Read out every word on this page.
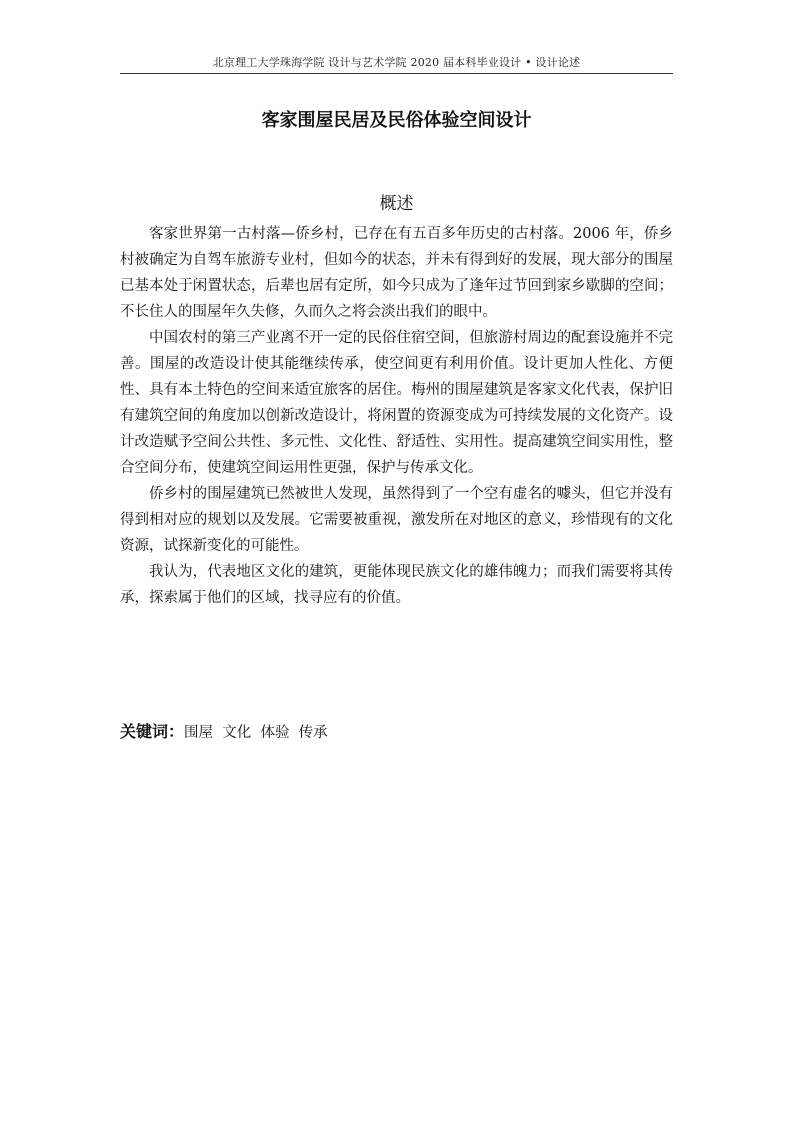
北京理工大学珠海学院 设计与艺术学院 2020 届本科毕业设计 • 设计论述
客家围屋民居及民俗体验空间设计
概述

客家世界第一古村落—侨乡村，已存在有五百多年历史的古村落。2006 年，侨乡村被确定为自驾车旅游专业村，但如今的状态，并未有得到好的发展，现大部分的围屋已基本处于闲置状态，后辈也居有定所，如今只成为了逢年过节回到家乡歇脚的空间；不长住人的围屋年久失修，久而久之将会淡出我们的眼中。

中国农村的第三产业离不开一定的民俗住宿空间，但旅游村周边的配套设施并不完善。围屋的改造设计使其能继续传承，使空间更有利用价值。设计更加人性化、方便性、具有本土特色的空间来适宜旅客的居住。梅州的围屋建筑是客家文化代表，保护旧有建筑空间的角度加以创新改造设计，将闲置的资源变成为可持续发展的文化资产。设计改造赋予空间公共性、多元性、文化性、舒适性、实用性。提高建筑空间实用性，整合空间分布，使建筑空间运用性更强，保护与传承文化。

侨乡村的围屋建筑已然被世人发现，虽然得到了一个空有虚名的噱头，但它并没有得到相对应的规划以及发展。它需要被重视，激发所在对地区的意义，珍惜现有的文化资源，试探新变化的可能性。

我认为，代表地区文化的建筑，更能体现民族文化的雄伟魄力；而我们需要将其传承，探索属于他们的区域，找寻应有的价值。

关键词：围屋  文化  体验  传承
